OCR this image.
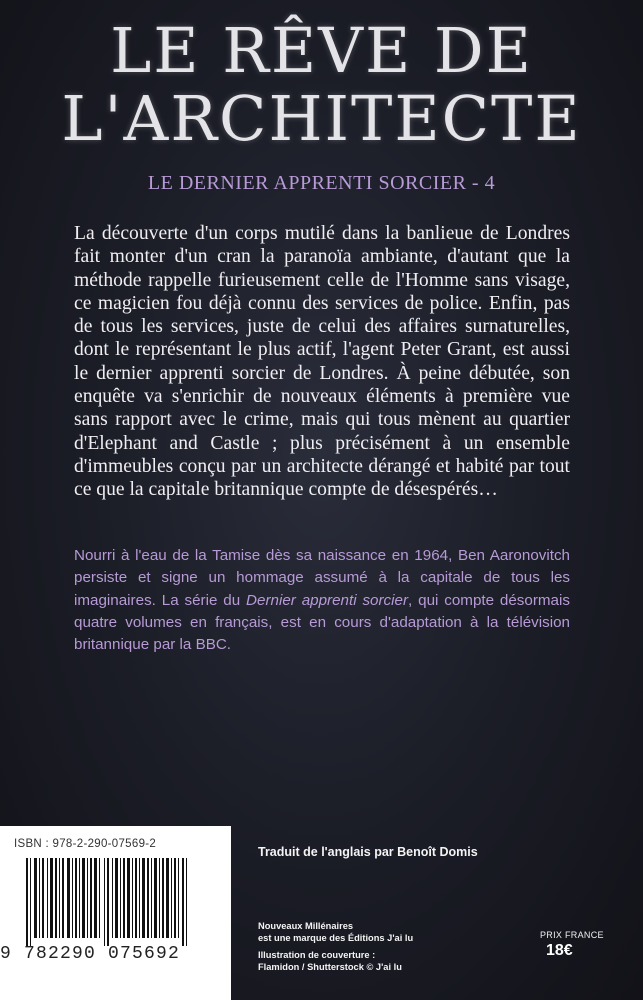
LE RÊVE DE
L'ARCHITECTE
LE DERNIER APPRENTI SORCIER - 4

La découverte d'un corps mutilé dans la banlieue de Londres fait monter d'un cran la paranoïa ambiante, d'autant que la méthode rappelle furieusement celle de l'Homme sans visage, ce magicien fou déjà connu des services de police. Enfin, pas de tous les services, juste de celui des affaires surnaturelles, dont le représentant le plus actif, l'agent Peter Grant, est aussi le dernier apprenti sorcier de Londres. À peine débutée, son enquête va s'enrichir de nouveaux éléments à première vue sans rapport avec le crime, mais qui tous mènent au quartier d'Elephant and Castle ; plus précisément à un ensemble d'immeubles conçu par un architecte dérangé et habité par tout ce que la capitale britannique compte de désespérés…

Nourri à l'eau de la Tamise dès sa naissance en 1964, Ben Aaronovitch persiste et signe un hommage assumé à la capitale de tous les imaginaires. La série du Dernier apprenti sorcier, qui compte désormais quatre volumes en français, est en cours d'adaptation à la télévision britannique par la BBC.

ISBN : 978-2-290-07569-2
9 782290 075692
Traduit de l'anglais par Benoît Domis
Nouveaux Millénaires
est une marque des Éditions J'ai lu
Illustration de couverture :
Flamidon / Shutterstock © J'ai lu
PRIX FRANCE
18€
